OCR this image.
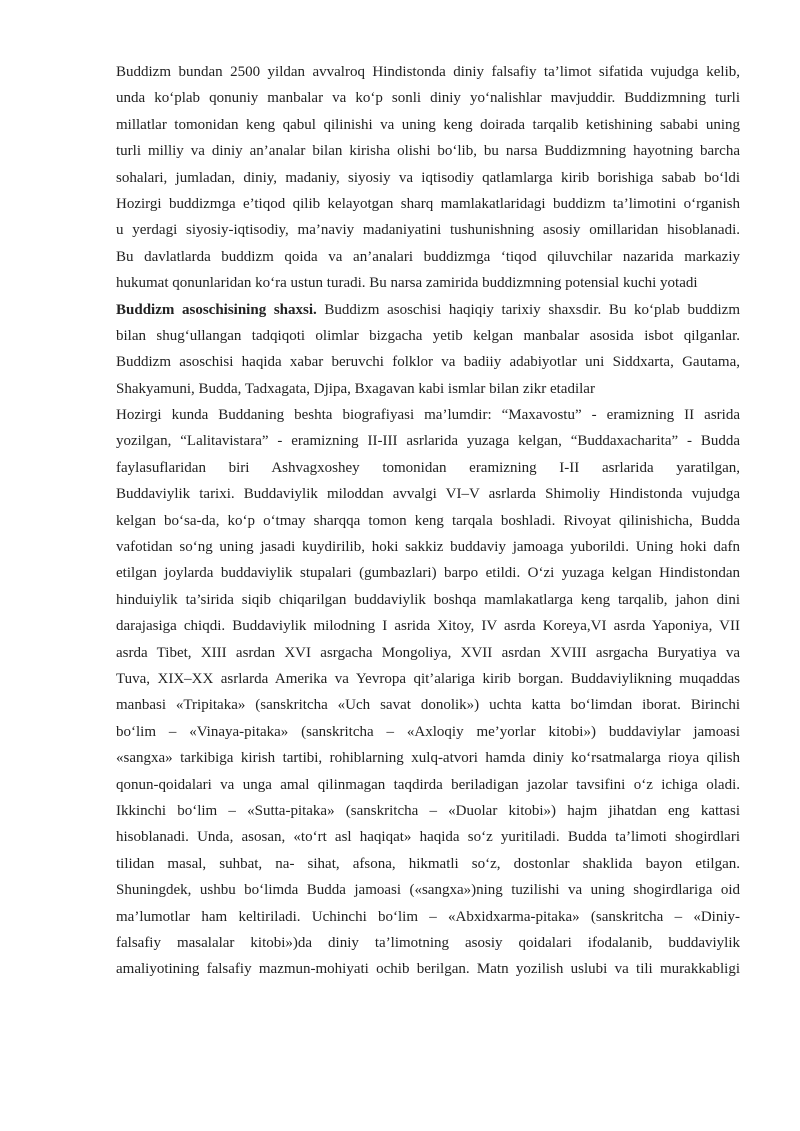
Buddizm bundan 2500 yildan avvalroq Hindistonda diniy falsafiy ta’limot sifatida vujudga kelib,
unda ko‘plab qonuniy manbalar va ko‘p sonli diniy yo‘nalishlar mavjuddir. Buddizmning turli
millatlar tomonidan keng qabul qilinishi va uning keng doirada tarqalib ketishining sababi uning
turli milliy va diniy an’analar bilan kirisha olishi bo‘lib, bu narsa Buddizmning hayotning barcha
sohalari, jumladan, diniy, madaniy, siyosiy va iqtisodiy qatlamlarga kirib borishiga sabab bo‘ldi
Hozirgi buddizmga e’tiqod qilib kelayotgan sharq mamlakatlaridagi buddizm ta’limotini o‘rganish
u yerdagi siyosiy-iqtisodiy, ma’naviy madaniyatini tushunishning asosiy omillaridan hisoblanadi.
Bu davlatlarda buddizm qoida va an’analari buddizmga ‘tiqod qiluvchilar nazarida markaziy
hukumat qonunlaridan ko‘ra ustun turadi. Bu narsa zamirida buddizmning potensial kuchi yotadi
Buddizm asoschisining shaxsi. Buddizm asoschisi haqiqiy tarixiy shaxsdir. Bu ko‘plab buddizm
bilan shug‘ullangan tadqiqoti olimlar bizgacha yetib kelgan manbalar asosida isbot qilganlar.
Buddizm asoschisi haqida xabar beruvchi folklor va badiiy adabiyotlar uni Siddxarta, Gautama,
Shakyamuni, Budda, Tadxagata, Djipa, Bxagavan kabi ismlar bilan zikr etadilar
Hozirgi kunda Buddaning beshta biografiyasi ma’lumdir: “Maxavostu” - eramizning II asrida
yozilgan, “Lalitavistara” - eramizning II-III asrlarida yuzaga kelgan, “Buddaxacharita” - Budda
faylasuflaridan biri Ashvagxoshey tomonidan eramizning I-II asrlarida yaratilgan,
Buddaviylik tarixi. Buddaviylik miloddan avvalgi VI–V asrlarda Shimoliy Hindistonda vujudga
kelgan bo‘sa-da, ko‘p o‘tmay sharqqa tomon keng tarqala boshladi. Rivoyat qilinishicha, Budda
vafotidan so‘ng uning jasadi kuydirilib, hoki sakkiz buddaviy jamoaga yuborildi. Uning hoki dafn
etilgan joylarda buddaviylik stupalari (gumbazlari) barpo etildi. O‘zi yuzaga kelgan Hindistondan
hinduiylik ta’sirida siqib chiqarilgan buddaviylik boshqa mamlakatlarga keng tarqalib, jahon dini
darajasiga chiqdi. Buddaviylik milodning I asrida Xitoy, IV asrda Koreya,VI asrda Yaponiya, VII
asrda Tibet, XIII asrdan XVI asrgacha Mongoliya, XVII asrdan XVIII asrgacha Buryatiya va
Tuva, XIX–XX asrlarda Amerika va Yevropa qit’alariga kirib borgan. Buddaviylikning muqaddas
manbasi «Tripitaka» (sanskritcha «Uch savat donolik») uchta katta bo‘limdan iborat. Birinchi
bo‘lim – «Vinaya-pitaka» (sanskritcha – «Axloqiy me’yorlar kitobi») buddaviylar jamoasi
«sangxa» tarkibiga kirish tartibi, rohiblarning xulq-atvori hamda diniy ko‘rsatmalarga rioya qilish
qonun-qoidalari va unga amal qilinmagan taqdirda beriladigan jazolar tavsifini o‘z ichiga oladi.
Ikkinchi bo‘lim – «Sutta-pitaka» (sanskritcha – «Duolar kitobi») hajm jihatdan eng kattasi
hisoblanadi. Unda, asosan, «to‘rt asl haqiqat» haqida so‘z yuritiladi. Budda ta’limoti shogirdlari
tilidan masal, suhbat, na- sihat, afsona, hikmatli so‘z, dostonlar shaklida bayon etilgan.
Shuningdek, ushbu bo‘limda Budda jamoasi («sangxa»)ning tuzilishi va uning shogirdlariga oid
ma’lumotlar ham keltiriladi. Uchinchi bo‘lim – «Abxidxarma-pitaka» (sanskritcha – «Diniy-
falsafiy masalalar kitobi»)da diniy ta’limotning asosiy qoidalari ifodalanib, buddaviylik
amaliyotining falsafiy mazmun-mohiyati ochib berilgan. Matn yozilish uslubi va tili murakkabligi
